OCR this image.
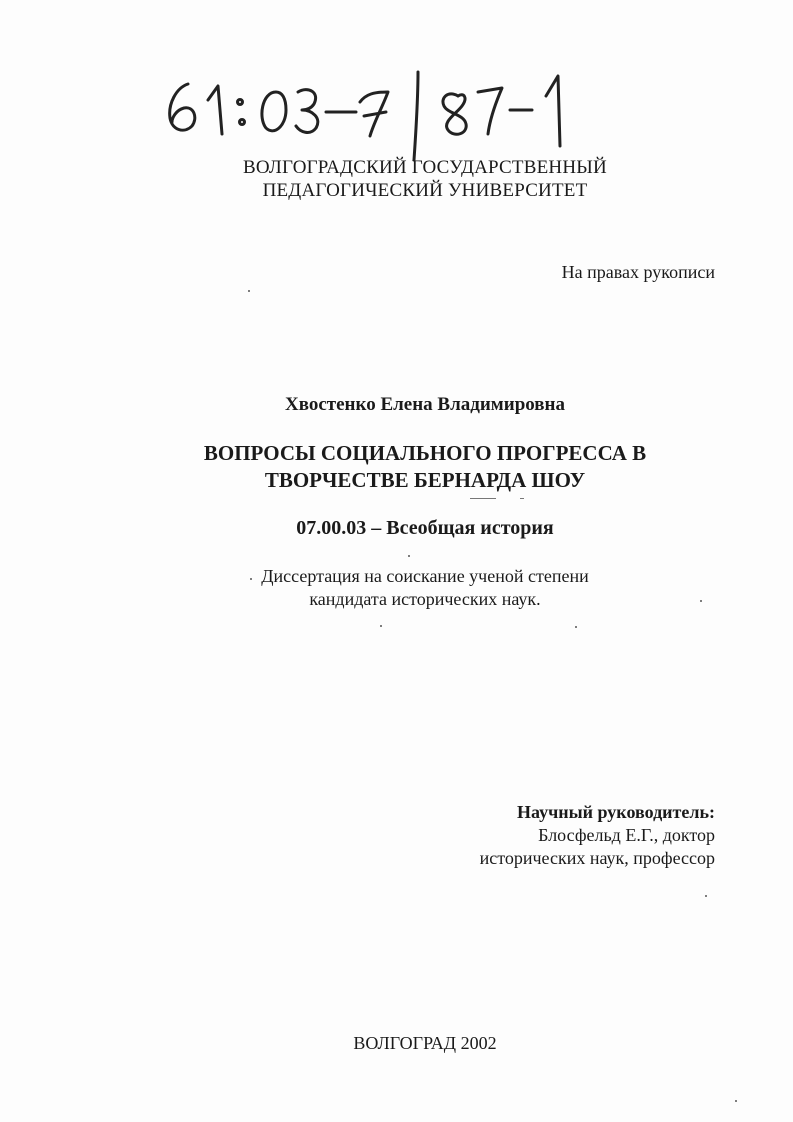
ВОЛГОГРАДСКИЙ ГОСУДАРСТВЕННЫЙ
ПЕДАГОГИЧЕСКИЙ УНИВЕРСИТЕТ
На правах рукописи
Хвостенко Елена Владимировна
ВОПРОСЫ СОЦИАЛЬНОГО ПРОГРЕССА В
ТВОРЧЕСТВЕ БЕРНАРДА ШОУ
07.00.03 – Всеобщая история
Диссертация на соискание ученой степени
кандидата исторических наук.
Научный руководитель:
Блосфельд Е.Г., доктор
исторических наук, профессор
ВОЛГОГРАД 2002
